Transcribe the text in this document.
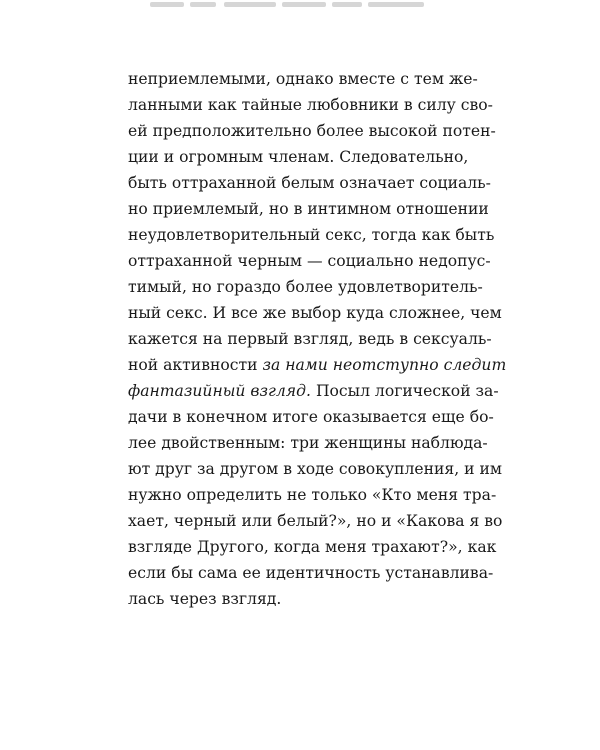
неприемлемыми, однако вместе с тем же-
ланными как тайные любовники в силу сво-
ей предположительно более высокой потен-
ции и огромным членам. Следовательно,
быть оттраханной белым означает социаль-
но приемлемый, но в интимном отношении
неудовлетворительный секс, тогда как быть
оттраханной черным — социально недопус-
тимый, но гораздо более удовлетворитель-
ный секс. И все же выбор куда сложнее, чем
кажется на первый взгляд, ведь в сексуаль-
ной активности за нами неотступно следит
фантазийный взгляд. Посыл логической за-
дачи в конечном итоге оказывается еще бо-
лее двойственным: три женщины наблюда-
ют друг за другом в ходе совокупления, и им
нужно определить не только «Кто меня тра-
хает, черный или белый?», но и «Какова я во
взгляде Другого, когда меня трахают?», как
если бы сама ее идентичность устанавлива-
лась через взгляд.
